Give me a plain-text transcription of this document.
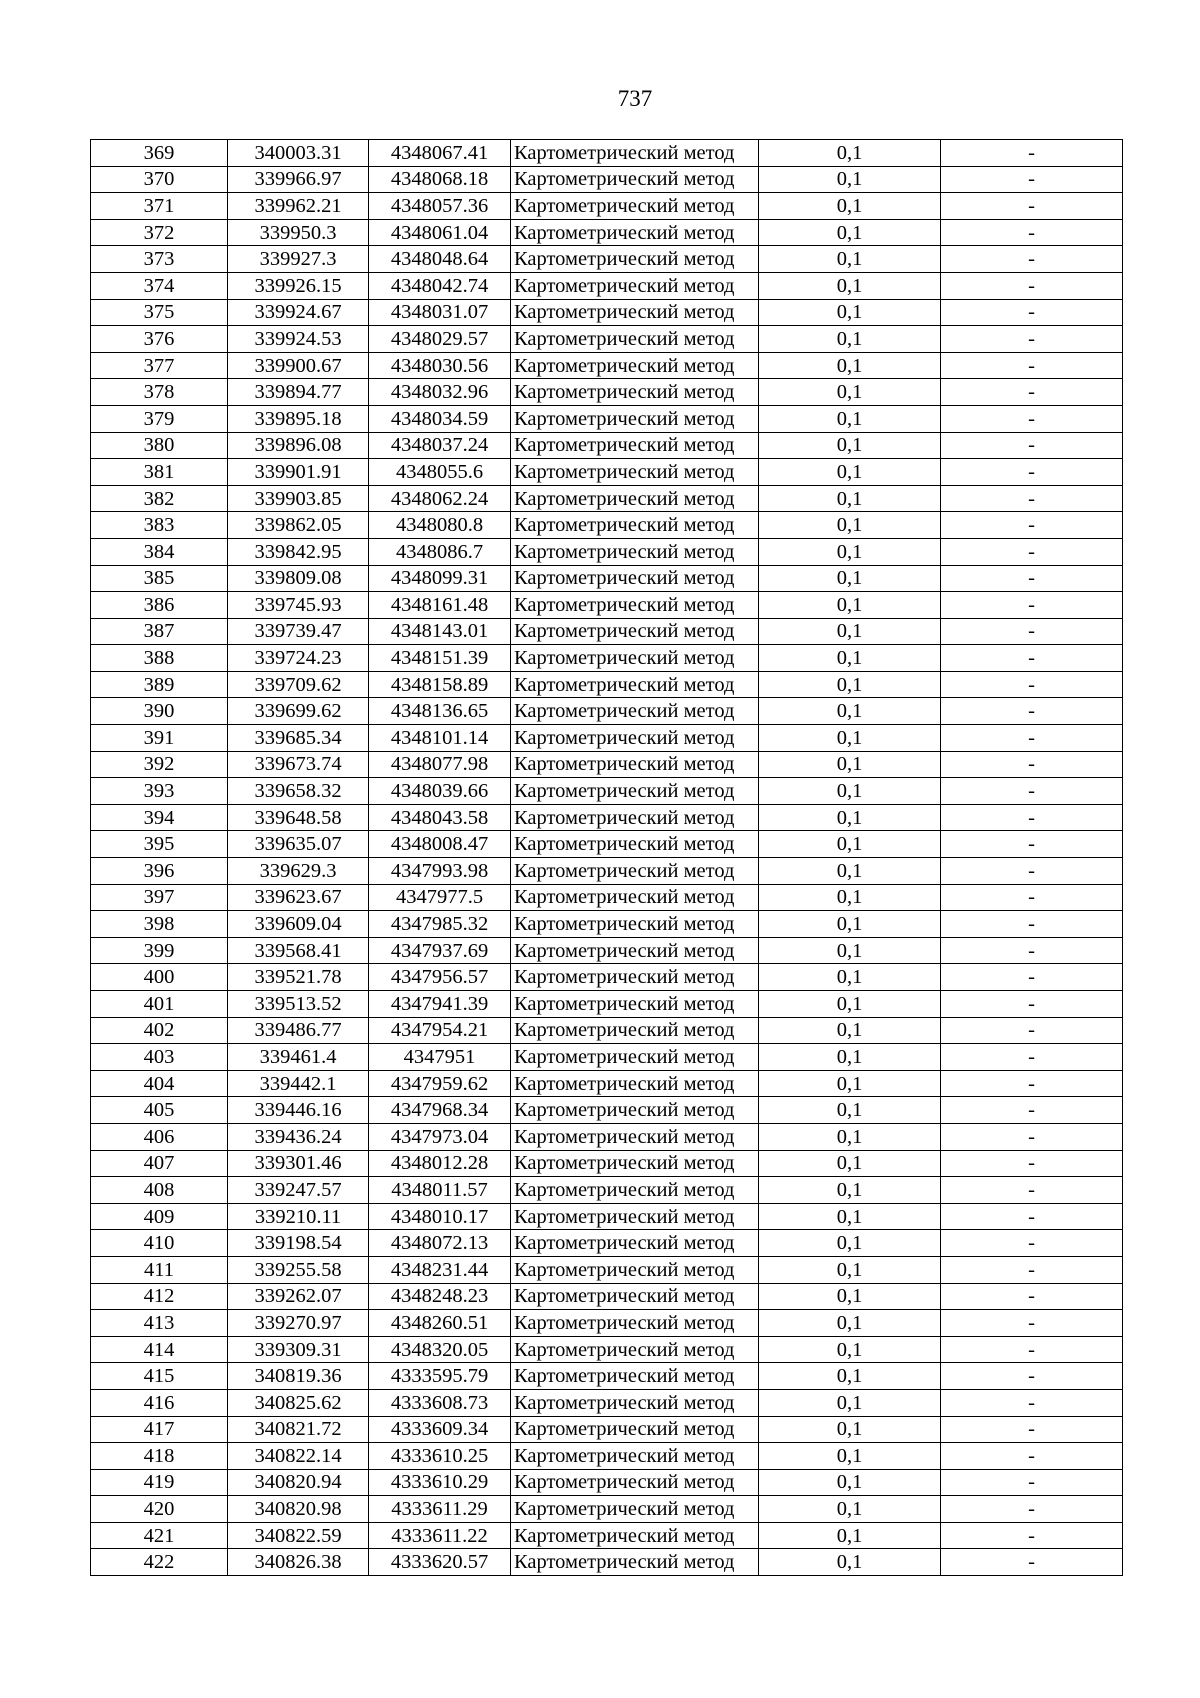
737
369	340003.31	4348067.41	Картометрический метод	0,1	-
370	339966.97	4348068.18	Картометрический метод	0,1	-
371	339962.21	4348057.36	Картометрический метод	0,1	-
372	339950.3	4348061.04	Картометрический метод	0,1	-
373	339927.3	4348048.64	Картометрический метод	0,1	-
374	339926.15	4348042.74	Картометрический метод	0,1	-
375	339924.67	4348031.07	Картометрический метод	0,1	-
376	339924.53	4348029.57	Картометрический метод	0,1	-
377	339900.67	4348030.56	Картометрический метод	0,1	-
378	339894.77	4348032.96	Картометрический метод	0,1	-
379	339895.18	4348034.59	Картометрический метод	0,1	-
380	339896.08	4348037.24	Картометрический метод	0,1	-
381	339901.91	4348055.6	Картометрический метод	0,1	-
382	339903.85	4348062.24	Картометрический метод	0,1	-
383	339862.05	4348080.8	Картометрический метод	0,1	-
384	339842.95	4348086.7	Картометрический метод	0,1	-
385	339809.08	4348099.31	Картометрический метод	0,1	-
386	339745.93	4348161.48	Картометрический метод	0,1	-
387	339739.47	4348143.01	Картометрический метод	0,1	-
388	339724.23	4348151.39	Картометрический метод	0,1	-
389	339709.62	4348158.89	Картометрический метод	0,1	-
390	339699.62	4348136.65	Картометрический метод	0,1	-
391	339685.34	4348101.14	Картометрический метод	0,1	-
392	339673.74	4348077.98	Картометрический метод	0,1	-
393	339658.32	4348039.66	Картометрический метод	0,1	-
394	339648.58	4348043.58	Картометрический метод	0,1	-
395	339635.07	4348008.47	Картометрический метод	0,1	-
396	339629.3	4347993.98	Картометрический метод	0,1	-
397	339623.67	4347977.5	Картометрический метод	0,1	-
398	339609.04	4347985.32	Картометрический метод	0,1	-
399	339568.41	4347937.69	Картометрический метод	0,1	-
400	339521.78	4347956.57	Картометрический метод	0,1	-
401	339513.52	4347941.39	Картометрический метод	0,1	-
402	339486.77	4347954.21	Картометрический метод	0,1	-
403	339461.4	4347951	Картометрический метод	0,1	-
404	339442.1	4347959.62	Картометрический метод	0,1	-
405	339446.16	4347968.34	Картометрический метод	0,1	-
406	339436.24	4347973.04	Картометрический метод	0,1	-
407	339301.46	4348012.28	Картометрический метод	0,1	-
408	339247.57	4348011.57	Картометрический метод	0,1	-
409	339210.11	4348010.17	Картометрический метод	0,1	-
410	339198.54	4348072.13	Картометрический метод	0,1	-
411	339255.58	4348231.44	Картометрический метод	0,1	-
412	339262.07	4348248.23	Картометрический метод	0,1	-
413	339270.97	4348260.51	Картометрический метод	0,1	-
414	339309.31	4348320.05	Картометрический метод	0,1	-
415	340819.36	4333595.79	Картометрический метод	0,1	-
416	340825.62	4333608.73	Картометрический метод	0,1	-
417	340821.72	4333609.34	Картометрический метод	0,1	-
418	340822.14	4333610.25	Картометрический метод	0,1	-
419	340820.94	4333610.29	Картометрический метод	0,1	-
420	340820.98	4333611.29	Картометрический метод	0,1	-
421	340822.59	4333611.22	Картометрический метод	0,1	-
422	340826.38	4333620.57	Картометрический метод	0,1	-
